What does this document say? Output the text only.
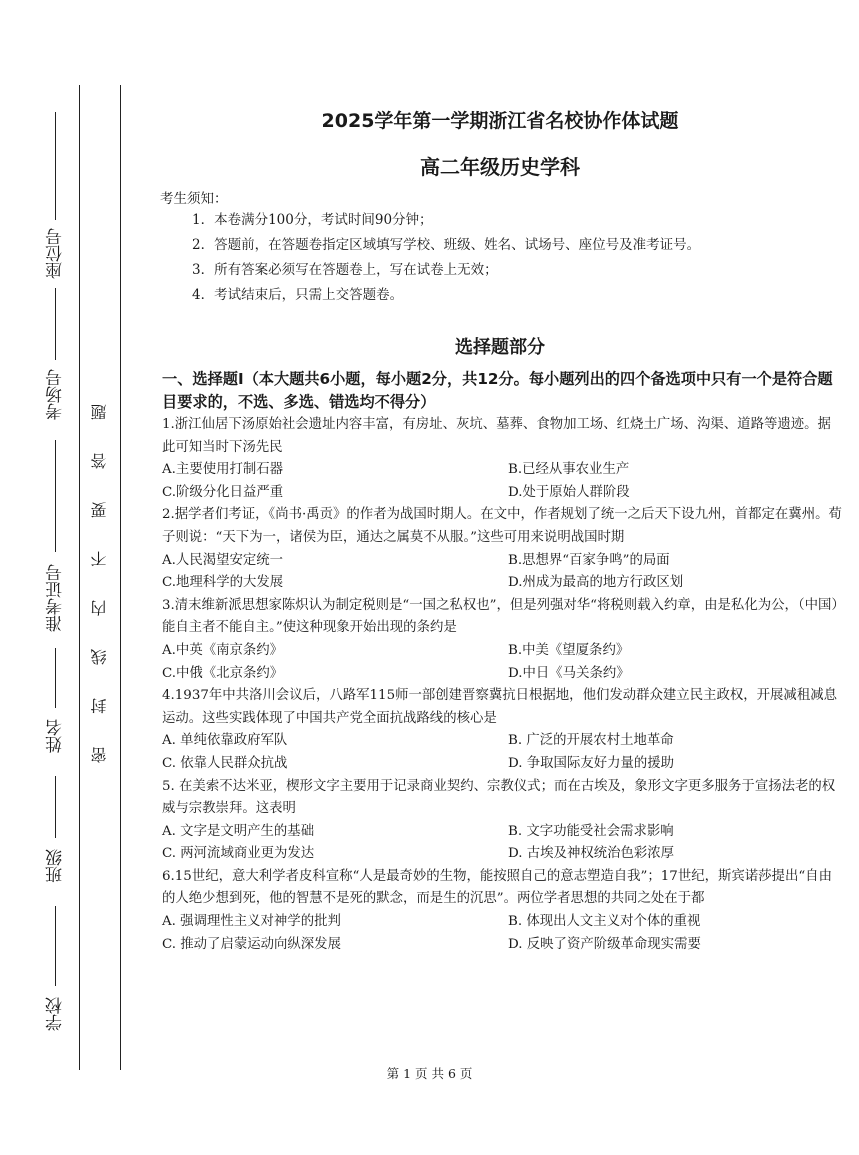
座位号
考场号
准考证号
姓名
班级
学校
密
封
线
内
不
要
答
题
2025学年第一学期浙江省名校协作体试题
高二年级历史学科
考生须知：
1．本卷满分100分，考试时间90分钟；
2．答题前，在答题卷指定区域填写学校、班级、姓名、试场号、座位号及准考证号。
3．所有答案必须写在答题卷上，写在试卷上无效；
4．考试结束后，只需上交答题卷。
选择题部分
一、选择题Ⅰ（本大题共6小题，每小题2分，共12分。每小题列出的四个备选项中只有一个是符合题目要求的，不选、多选、错选均不得分）

1.浙江仙居下汤原始社会遗址内容丰富，有房址、灰坑、墓葬、食物加工场、红烧土广场、沟渠、道路等遗迹。据此可知当时下汤先民

A.主要使用打制石器	B.已经从事农业生产
C.阶级分化日益严重	D.处于原始人群阶段

2.据学者们考证，《尚书·禹贡》的作者为战国时期人。在文中，作者规划了统一之后天下设九州，首都定在冀州。荀子则说：“天下为一，诸侯为臣，通达之属莫不从服。”这些可用来说明战国时期

A.人民渴望安定统一	B.思想界“百家争鸣”的局面
C.地理科学的大发展	D.州成为最高的地方行政区划

3.清末维新派思想家陈炽认为制定税则是“一国之私权也”，但是列强对华“将税则载入约章，由是私化为公，（中国）能自主者不能自主。”使这种现象开始出现的条约是

A.中英《南京条约》	B.中美《望厦条约》
C.中俄《北京条约》	D.中日《马关条约》

4.1937年中共洛川会议后，八路军115师一部创建晋察冀抗日根据地，他们发动群众建立民主政权，开展减租减息运动。这些实践体现了中国共产党全面抗战路线的核心是

A. 单纯依靠政府军队	B. 广泛的开展农村土地革命
C. 依靠人民群众抗战	D. 争取国际友好力量的援助

5. 在美索不达米亚，楔形文字主要用于记录商业契约、宗教仪式；而在古埃及，象形文字更多服务于宣扬法老的权威与宗教崇拜。这表明

A. 文字是文明产生的基础	B. 文字功能受社会需求影响
C. 两河流域商业更为发达	D. 古埃及神权统治色彩浓厚

6.15世纪，意大利学者皮科宣称“人是最奇妙的生物，能按照自己的意志塑造自我”；17世纪，斯宾诺莎提出“自由的人绝少想到死，他的智慧不是死的默念，而是生的沉思”。两位学者思想的共同之处在于都

A. 强调理性主义对神学的批判	B. 体现出人文主义对个体的重视
C. 推动了启蒙运动向纵深发展	D. 反映了资产阶级革命现实需要
第 1 页 共 6 页
